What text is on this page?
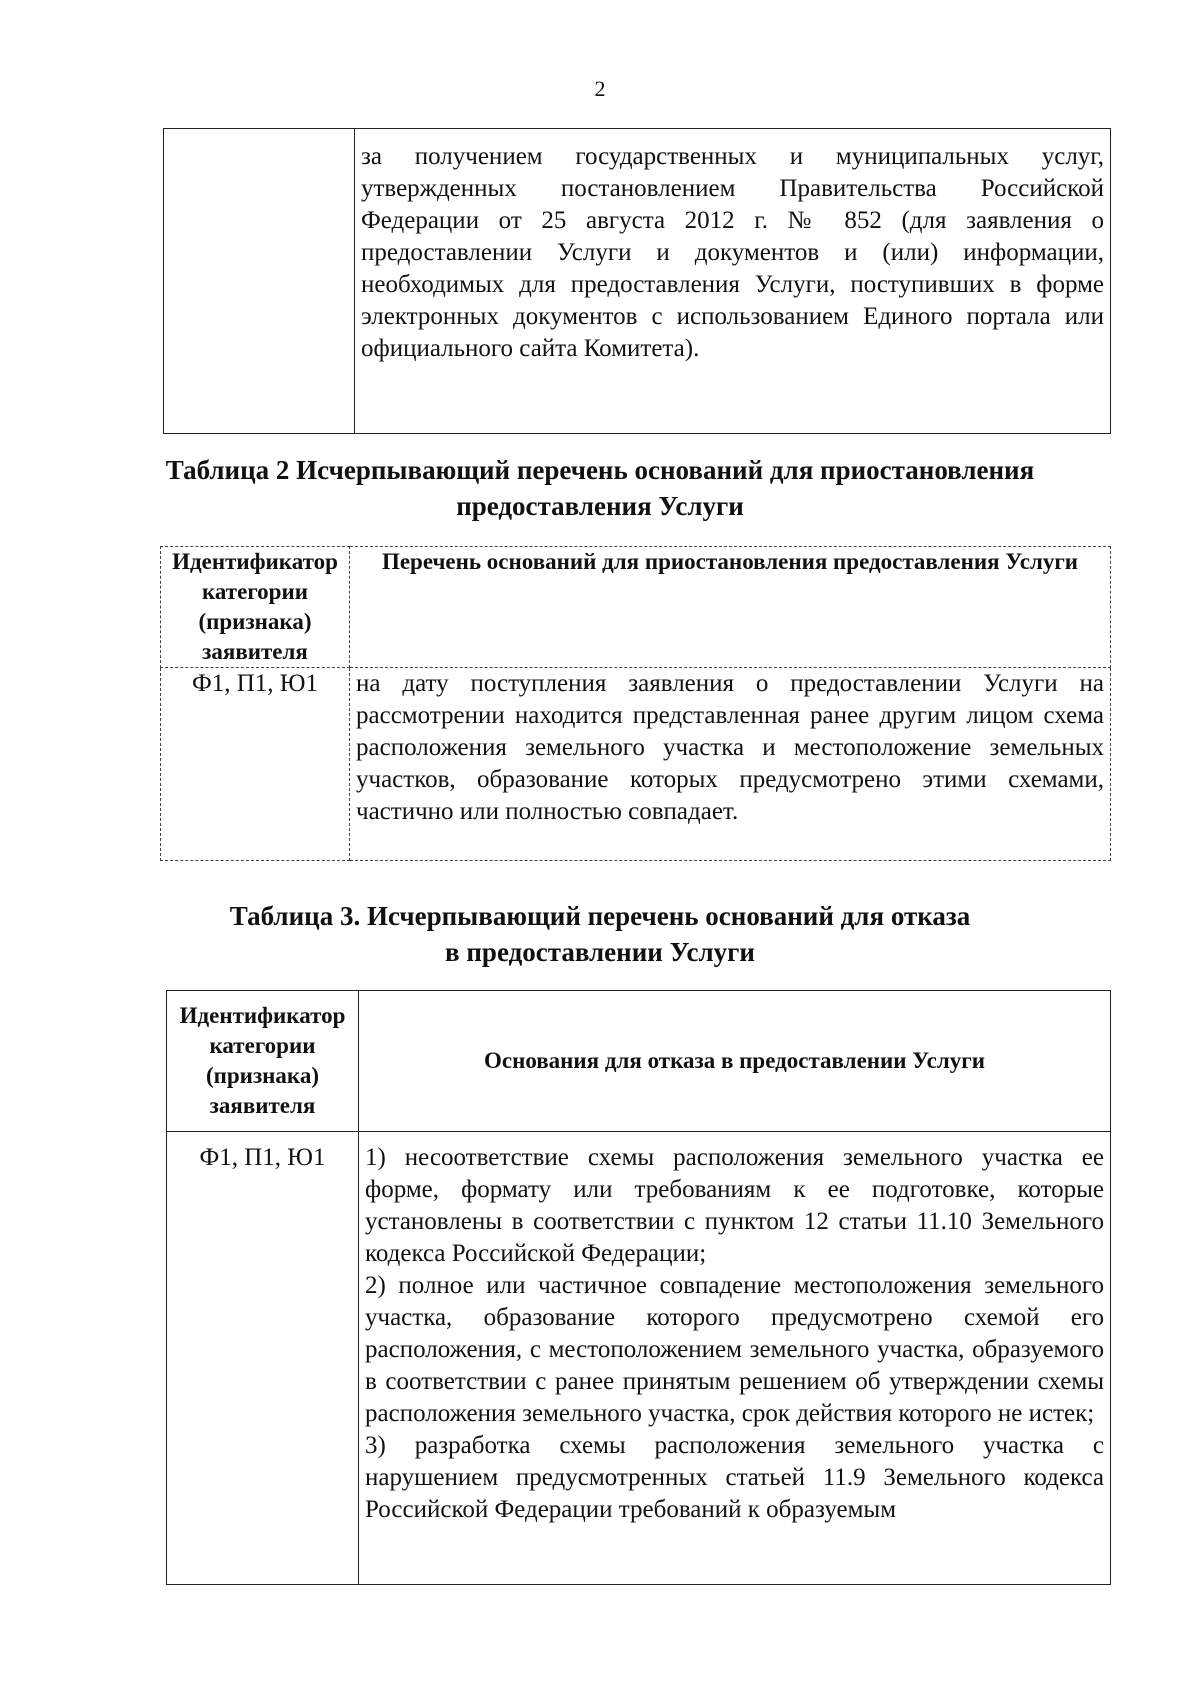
2
	за получением государственных и муниципальных услуг, утвержденных постановлением Правительства Российской Федерации от 25 августа 2012 г. № 852 (для заявления о предоставлении Услуги и документов и (или) информации, необходимых для предоставления Услуги, поступивших в форме электронных документов с использованием Единого портала или официального сайта Комитета).
Таблица 2 Исчерпывающий перечень оснований для приостановления
предоставления Услуги
Идентификатор категории (признака) заявителя	Перечень оснований для приостановления предоставления Услуги
Ф1, П1, Ю1	на дату поступления заявления о предоставлении Услуги на рассмотрении находится представленная ранее другим лицом схема расположения земельного участка и местоположение земельных участков, образование которых предусмотрено этими схемами, частично или полностью совпадает.
Таблица 3. Исчерпывающий перечень оснований для отказа
в предоставлении Услуги
Идентификатор категории (признака) заявителя	Основания для отказа в предоставлении Услуги
Ф1, П1, Ю1	1) несоответствие схемы расположения земельного участка ее форме, формату или требованиям к ее подготовке, которые установлены в соответствии с пунктом 12 статьи 11.10 Земельного кодекса Российской Федерации;

2) полное или частичное совпадение местоположения земельного участка, образование которого предусмотрено схемой его расположения, с местоположением земельного участка, образуемого в соответствии с ранее принятым решением об утверждении схемы расположения земельного участка, срок действия которого не истек;

3) разработка схемы расположения земельного участка с нарушением предусмотренных статьей 11.9 Земельного кодекса Российской Федерации требований к образуемым
